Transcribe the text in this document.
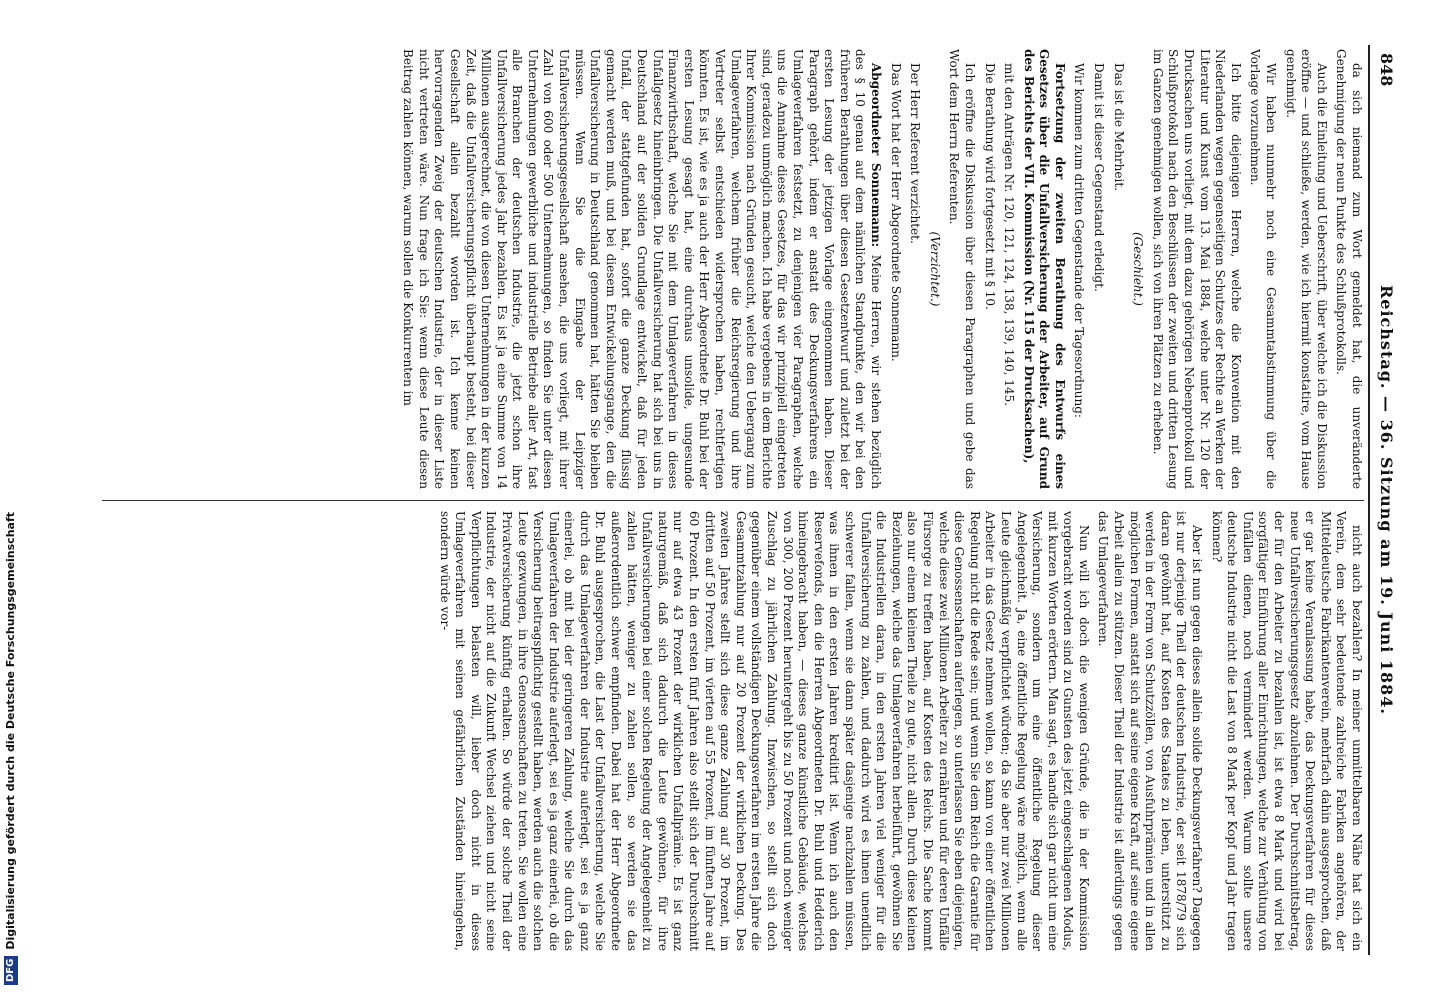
DFGDigitalisierung gefördert durch die Deutsche Forschungsgemeinschaft
848
Reichstag. — 36. Sitzung am 19. Juni 1884.

da sich niemand zum Wort gemeldet hat, die unveränderte Genehmigung der neun Punkte des Schlußprotokolls.

Auch die Einleitung und Ueberschrift, über welche ich die Diskussion eröffne — und schließe, werden, wie ich hiermit konstatire, vom Hause genehmigt.

Wir haben nunmehr noch eine Gesammtabstimmung über die Vorlage vorzunehmen.

Ich bitte diejenigen Herren, welche die Konvention mit den Niederlanden wegen gegenseitigen Schutzes der Rechte an Werken der Literatur und Kunst vom 13. Mai 1884, welche unter Nr. 120 der Drucksachen uns vorliegt, mit dem dazu gehörigen Nebenprotokoll und Schlußprotokoll nach den Beschlüssen der zweiten und dritten Lesung im Ganzen genehmigen wollen, sich von ihren Plätzen zu erheben.

(Geschieht.)

Das ist die Mehrheit.

Damit ist dieser Gegenstand erledigt.

Wir kommen zum dritten Gegenstande der Tagesordnung:

Fortsetzung der zweiten Berathung des Entwurfs eines Gesetzes über die Unfallversicherung der Arbeiter, auf Grund des Berichts der VII. Kommission (Nr. 115 der Drucksachen),

mit den Anträgen Nr. 120, 121, 124, 138, 139, 140, 145.

Die Berathung wird fortgesetzt mit § 10.

Ich eröffne die Diskussion über diesen Paragraphen und gebe das Wort dem Herrn Referenten.

(Verzichtet.)

Der Herr Referent verzichtet.

Das Wort hat der Herr Abgeordnete Sonnemann.

Abgeordneter Sonnemann: Meine Herren, wir stehen bezüglich des § 10 genau auf dem nämlichen Standpunkte, den wir bei den früheren Berathungen über diesen Gesetzentwurf und zuletzt bei der ersten Lesung der jetzigen Vorlage eingenommen haben. Dieser Paragraph gehört, indem er anstatt des Deckungsverfahrens ein Umlageverfahren festsetzt, zu denjenigen vier Paragraphen, welche uns die Annahme dieses Gesetzes, für das wir prinzipiell eingetreten sind, geradezu unmöglich machen. Ich habe vergebens in dem Berichte Ihrer Kommission nach Gründen gesucht, welche den Uebergang zum Umlageverfahren, welchem früher die Reichsregierung und ihre Vertreter selbst entschieden widersprochen haben, rechtfertigen könnten. Es ist, wie es ja auch der Herr Abgeordnete Dr. Buhl bei der ersten Lesung gesagt hat, eine durchaus unsolide, ungesunde Finanzwirthschaft, welche Sie mit dem Umlageverfahren in dieses Unfallgesetz hineinbringen. Die Unfallversicherung hat sich bei uns in Deutschland auf der soliden Grundlage entwickelt, daß für jeden Unfall, der stattgefunden hat, sofort die ganze Deckung flüssig gemacht werden muß, und bei diesem Entwickelungsgange, den die Unfallversicherung in Deutschland genommen hat, hätten Sie bleiben müssen. Wenn Sie die Eingabe der Leipziger Unfallversicherungsgesellschaft ansehen, die uns vorliegt, mit ihrer Zahl von 600 oder 500 Unternehmungen, so finden Sie unter diesen Unternehmungen gewerbliche und industrielle Betriebe aller Art, fast alle Branchen der deutschen Industrie, die jetzt schon ihre Unfallversicherung jedes Jahr bezahlen. Es ist ja eine Summe von 14 Millionen ausgerechnet, die von diesen Unternehmungen in der kurzen Zeit, daß die Unfallversicherungspflicht überhaupt besteht, bei dieser Gesellschaft allein bezahlt worden ist. Ich kenne keinen hervorragenden Zweig der deutschen Industrie, der in dieser Liste nicht vertreten wäre. Nun frage ich Sie: wenn diese Leute diesen Beitrag zahlen können, warum sollen die Konkurrenten im

nicht auch bezahlen? In meiner unmittelbaren Nähe hat sich ein Verein, dem sehr bedeutende zahlreiche Fabriken angehören, der Mitteldeutsche Fabrikantenverein, mehrfach dahin ausgesprochen, daß er gar keine Veranlassung habe, das Deckungsverfahren für dieses neue Unfallversicherungsgesetz abzulehnen. Der Durchschnittsbetrag, der für den Arbeiter zu bezahlen ist, ist etwa 8 Mark und wird bei sorgfältiger Einführung aller Einrichtungen, welche zur Verhütung von Unfällen dienen, noch vermindert werden. Warum sollte unsere deutsche Industrie nicht die Last von 8 Mark per Kopf und Jahr tragen können?

Aber ist nun gegen dieses allein solide Deckungsverfahren? Dagegen ist nur derjenige Theil der deutschen Industrie, der seit 1878/79 sich daran gewöhnt hat, auf Kosten des Staates zu leben, unterstützt zu werden in der Form von Schutzzöllen, von Ausfuhrprämien und in allen möglichen Formen, anstatt sich auf seine eigene Kraft, auf seine eigene Arbeit allein zu stützen. Dieser Theil der Industrie ist allerdings gegen das Umlageverfahren.

Nun will ich doch die wenigen Gründe, die in der Kommission vorgebracht worden sind zu Gunsten des jetzt eingeschlagenen Modus, mit kurzen Worten erörtern. Man sagt, es handle sich gar nicht um eine Versicherung, sondern um eine öffentliche Regelung dieser Angelegenheit. Ja, eine öffentliche Regelung wäre möglich, wenn alle Leute gleichmäßig verpflichtet würden; da Sie aber nur zwei Millionen Arbeiter in das Gesetz nehmen wollen, so kann von einer öffentlichen Regelung nicht die Rede sein; und wenn Sie dem Reich die Garantie für diese Genossenschaften auferlegen, so unterlassen Sie eben diejenigen, welche diese zwei Millionen Arbeiter zu ernähren und für deren Unfälle Fürsorge zu treffen haben, auf Kosten des Reichs. Die Sache kommt also nur einem kleinen Theile zu gute, nicht allen. Durch diese kleinen Beziehungen, welche das Umlageverfahren herbeiführt, gewöhnen Sie die Industriellen daran, in den ersten Jahren viel weniger für die Unfallversicherung zu zahlen, und dadurch wird es ihnen unendlich schwerer fallen, wenn sie dann später dasjenige nachzahlen müssen, was ihnen in den ersten Jahren kreditirt ist. Wenn ich auch den Reservefonds, den die Herren Abgeordneten Dr. Buhl und Hedderich hineingebracht haben, — dieses ganze künstliche Gebäude, welches von 300, 200 Prozent heruntergeht bis zu 50 Prozent und noch weniger Zuschlag zu jährlichen Zahlung. Inzwischen, so stellt sich doch gegenüber einem vollständigen Deckungsverfahren im ersten Jahre die Gesammtzahlung nur auf 20 Prozent der wirklichen Deckung. Des zweiten Jahres stellt sich diese ganze Zahlung auf 30 Prozent, im dritten auf 50 Prozent, im vierten auf 55 Prozent, im fünften Jahre auf 60 Prozent. In den ersten fünf Jahren also stellt sich der Durchschnitt nur auf etwa 43 Prozent der wirklichen Unfallprämie. Es ist ganz naturgemäß, daß sich dadurch die Leute gewöhnen, für ihre Unfallversicherungen bei einer solchen Regelung der Angelegenheit zu zahlen hätten, weniger zu zahlen sollen, so werden sie das außerordentlich schwer empfinden. Dabei hat der Herr Abgeordnete Dr. Buhl ausgesprochen, die Last der Unfallversicherung, welche Sie durch das Umlageverfahren der Industrie auferlegt, sei es ja ganz einerlei, ob mit bei der geringeren Zahlung, welche Sie durch das Umlageverfahren der Industrie auferlegt, sei es ja ganz einerlei, ob die Versicherung beitragspflichtig gestellt haben, werden auch die solchen Leute gezwungen, in ihre Genossenschaften zu treten. Sie wollen eine Privatversicherung künftig erhalten. So würde der solche Theil der Industrie, der nicht auf die Zukunft Wechsel ziehen und nicht seine Verpflichtungen belasten will, lieber doch nicht in dieses Umlageverfahren mit seinen gefährlichen Zuständen hineingehen, sondern würde vor-
